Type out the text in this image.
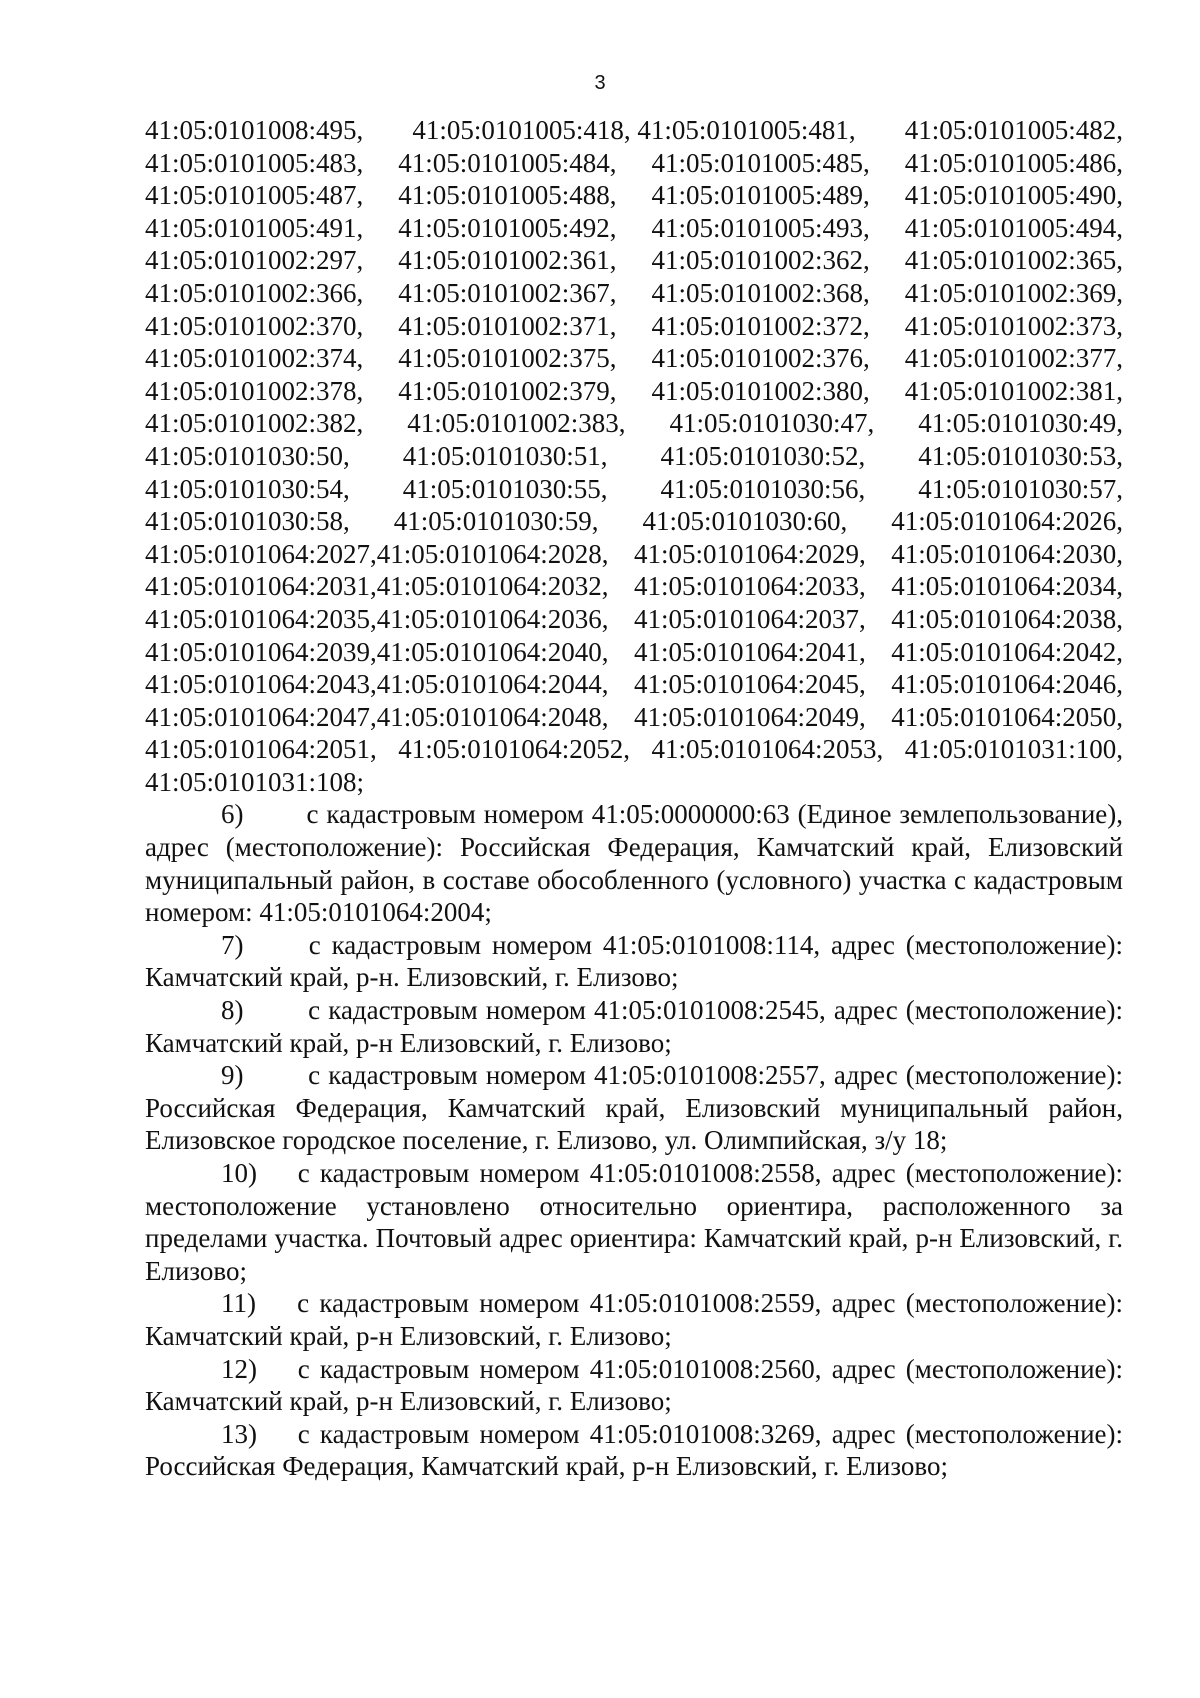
3
41:05:0101008:495, 41:05:0101005:418, 41:05:0101005:481, 41:05:0101005:482,
41:05:0101005:483, 41:05:0101005:484, 41:05:0101005:485, 41:05:0101005:486,
41:05:0101005:487, 41:05:0101005:488, 41:05:0101005:489, 41:05:0101005:490,
41:05:0101005:491, 41:05:0101005:492, 41:05:0101005:493, 41:05:0101005:494,
41:05:0101002:297, 41:05:0101002:361, 41:05:0101002:362, 41:05:0101002:365,
41:05:0101002:366, 41:05:0101002:367, 41:05:0101002:368, 41:05:0101002:369,
41:05:0101002:370, 41:05:0101002:371, 41:05:0101002:372, 41:05:0101002:373,
41:05:0101002:374, 41:05:0101002:375, 41:05:0101002:376, 41:05:0101002:377,
41:05:0101002:378, 41:05:0101002:379, 41:05:0101002:380, 41:05:0101002:381,
41:05:0101002:382, 41:05:0101002:383, 41:05:0101030:47, 41:05:0101030:49,
41:05:0101030:50, 41:05:0101030:51, 41:05:0101030:52, 41:05:0101030:53,
41:05:0101030:54, 41:05:0101030:55, 41:05:0101030:56, 41:05:0101030:57,
41:05:0101030:58, 41:05:0101030:59, 41:05:0101030:60, 41:05:0101064:2026,
41:05:0101064:2027,41:05:0101064:2028, 41:05:0101064:2029, 41:05:0101064:2030,
41:05:0101064:2031,41:05:0101064:2032, 41:05:0101064:2033, 41:05:0101064:2034,
41:05:0101064:2035,41:05:0101064:2036, 41:05:0101064:2037, 41:05:0101064:2038,
41:05:0101064:2039,41:05:0101064:2040, 41:05:0101064:2041, 41:05:0101064:2042,
41:05:0101064:2043,41:05:0101064:2044, 41:05:0101064:2045, 41:05:0101064:2046,
41:05:0101064:2047,41:05:0101064:2048, 41:05:0101064:2049, 41:05:0101064:2050,
41:05:0101064:2051, 41:05:0101064:2052, 41:05:0101064:2053, 41:05:0101031:100,
41:05:0101031:108;

6)        с кадастровым номером 41:05:0000000:63 (Единое землепользование), адрес (местоположение): Российская Федерация, Камчатский край, Елизовский муниципальный район, в составе обособленного (условного) участка с кадастровым номером: 41:05:0101064:2004;

7)      с кадастровым номером 41:05:0101008:114, адрес (местоположение): Камчатский край, р-н. Елизовский, г. Елизово;

8)        с кадастровым номером 41:05:0101008:2545, адрес (местоположение): Камчатский край, р-н Елизовский, г. Елизово;

9)        с кадастровым номером 41:05:0101008:2557, адрес (местоположение): Российская Федерация, Камчатский край, Елизовский муниципальный район, Елизовское городское поселение, г. Елизово, ул. Олимпийская, з/у 18;

10)    с кадастровым номером 41:05:0101008:2558, адрес (местоположение): местоположение установлено относительно ориентира, расположенного за пределами участка. Почтовый адрес ориентира: Камчатский край, р-н Елизовский, г. Елизово;

11)    с кадастровым номером 41:05:0101008:2559, адрес (местоположение): Камчатский край, р-н Елизовский, г. Елизово;

12)    с кадастровым номером 41:05:0101008:2560, адрес (местоположение): Камчатский край, р-н Елизовский, г. Елизово;

13)    с кадастровым номером 41:05:0101008:3269, адрес (местоположение): Российская Федерация, Камчатский край, р-н Елизовский, г. Елизово;
